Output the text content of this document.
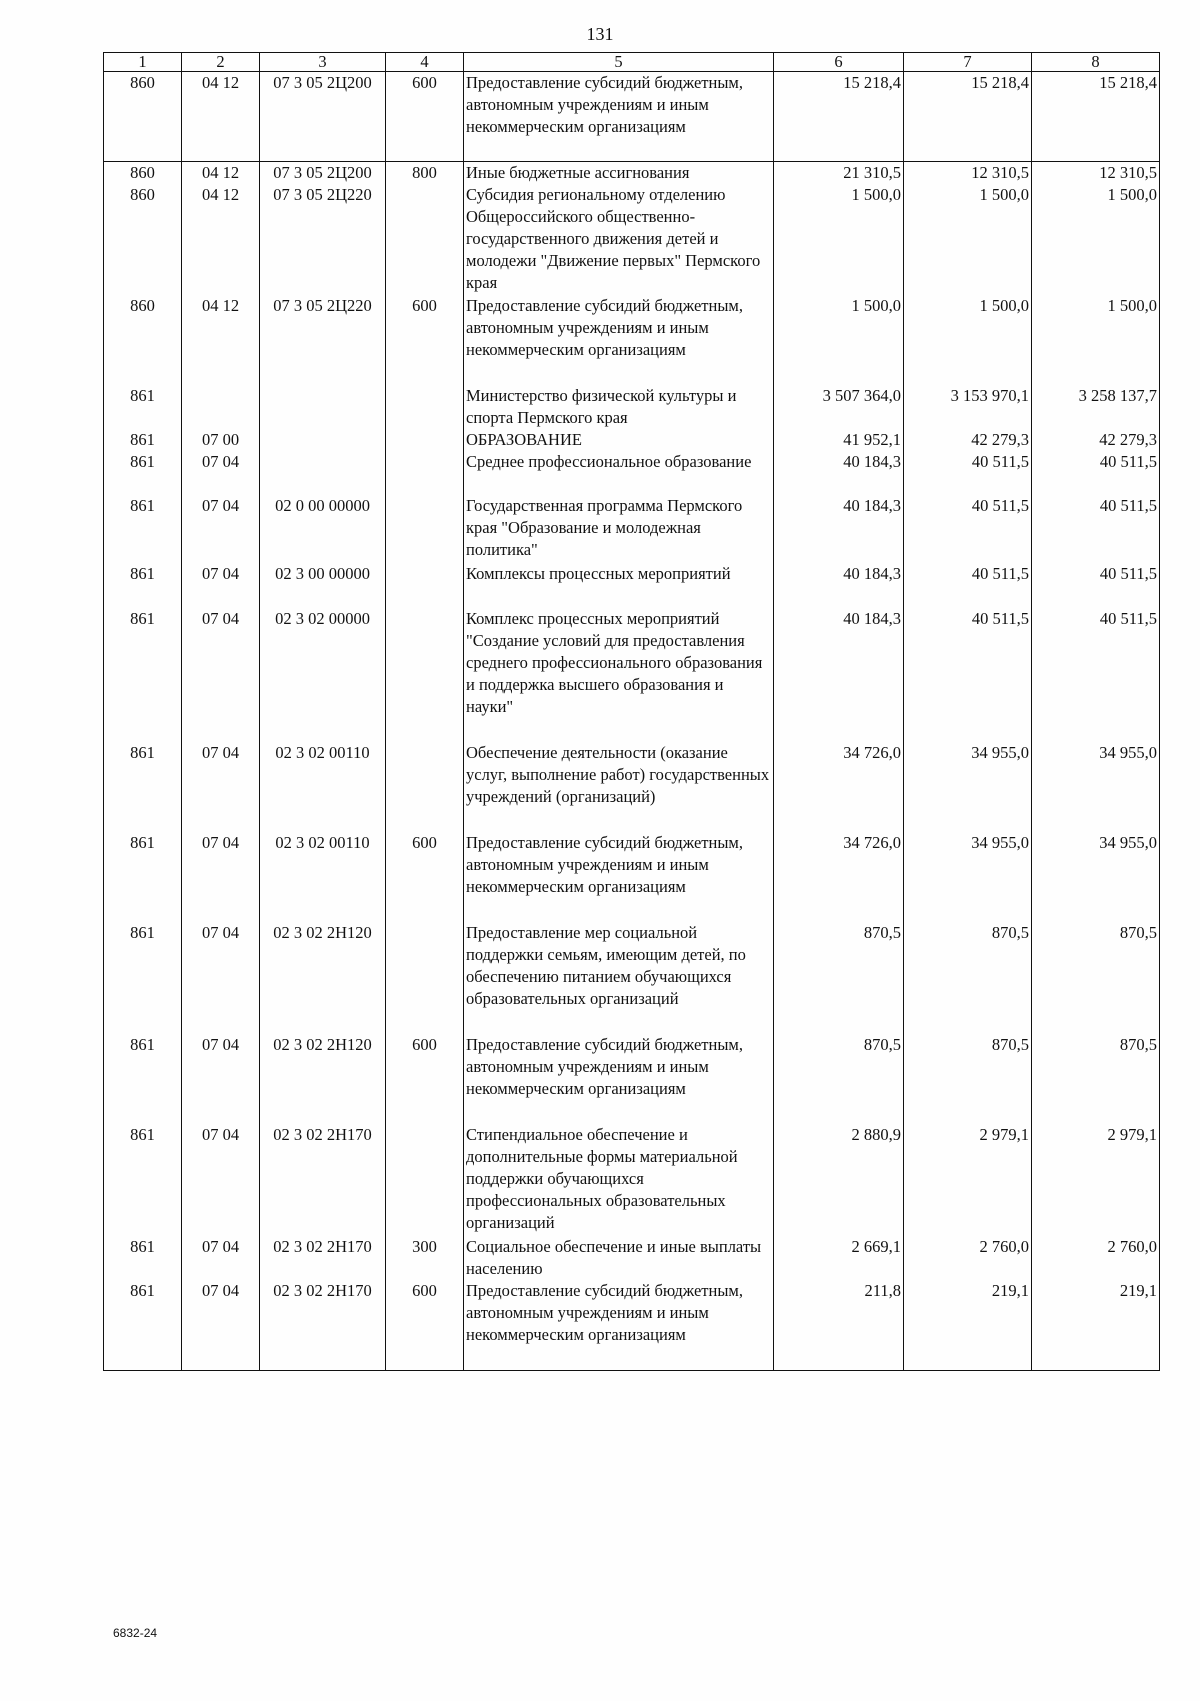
131
1	2	3	4	5	6	7	8
860	04 12	07 3 05 2Ц200	600	Предоставление субсидий бюджетным, автономным учреждениям и иным некоммерческим организациям	15 218,4	15 218,4	15 218,4
860	04 12	07 3 05 2Ц200	800	Иные бюджетные ассигнования	21 310,5	12 310,5	12 310,5
860	04 12	07 3 05 2Ц220		Субсидия региональному отделению Общероссийского общественно-государственного движения детей и молодежи "Движение первых" Пермского края	1 500,0	1 500,0	1 500,0
860	04 12	07 3 05 2Ц220	600	Предоставление субсидий бюджетным, автономным учреждениям и иным некоммерческим организациям	1 500,0	1 500,0	1 500,0
861				Министерство физической культуры и спорта Пермского края	3 507 364,0	3 153 970,1	3 258 137,7
861	07 00			ОБРАЗОВАНИЕ	41 952,1	42 279,3	42 279,3
861	07 04			Среднее профессиональное образование	40 184,3	40 511,5	40 511,5
861	07 04	02 0 00 00000		Государственная программа Пермского края "Образование и молодежная политика"	40 184,3	40 511,5	40 511,5
861	07 04	02 3 00 00000		Комплексы процессных мероприятий	40 184,3	40 511,5	40 511,5
861	07 04	02 3 02 00000		Комплекс процессных мероприятий "Создание условий для предоставления среднего профессионального образования и поддержка высшего образования и науки"	40 184,3	40 511,5	40 511,5
861	07 04	02 3 02 00110		Обеспечение деятельности (оказание услуг, выполнение работ) государственных учреждений (организаций)	34 726,0	34 955,0	34 955,0
861	07 04	02 3 02 00110	600	Предоставление субсидий бюджетным, автономным учреждениям и иным некоммерческим организациям	34 726,0	34 955,0	34 955,0
861	07 04	02 3 02 2Н120		Предоставление мер социальной поддержки семьям, имеющим детей, по обеспечению питанием обучающихся образовательных организаций	870,5	870,5	870,5
861	07 04	02 3 02 2Н120	600	Предоставление субсидий бюджетным, автономным учреждениям и иным некоммерческим организациям	870,5	870,5	870,5
861	07 04	02 3 02 2Н170		Стипендиальное обеспечение и дополнительные формы материальной поддержки обучающихся профессиональных образовательных организаций	2 880,9	2 979,1	2 979,1
861	07 04	02 3 02 2Н170	300	Социальное обеспечение и иные выплаты населению	2 669,1	2 760,0	2 760,0
861	07 04	02 3 02 2Н170	600	Предоставление субсидий бюджетным, автономным учреждениям и иным некоммерческим организациям	211,8	219,1	219,1
6832-24
